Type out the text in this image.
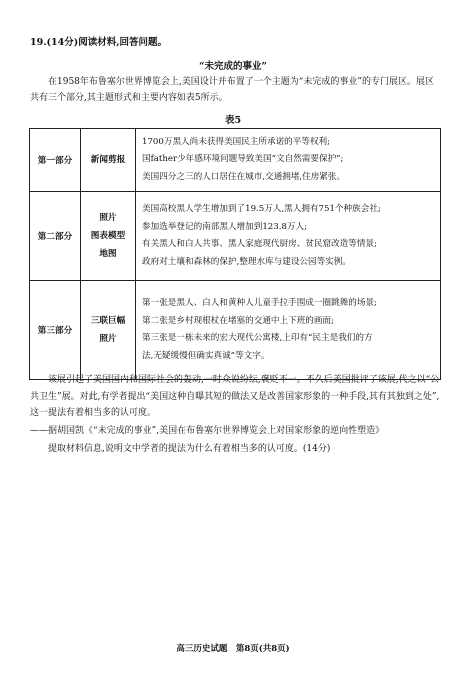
19.(14分)阅读材料,回答问题。
“未完成的事业”

在1958年布鲁塞尔世界博览会上,美国设计并布置了一个主题为“未完成的事业”的专门展区。展区共有三个部分,其主题形式和主要内容如表5所示。

表5
第一部分	新闻剪报	1700万黑人尚未获得美国民主所承诺的平等权利;
国father少年感环境问题导致美国“文自然需要保护”;
美国四分之三的人口居住在城市,交通拥堵,住房紧张。

第二部分	照片
图表模型
地图	美国高校黑人学生增加到了19.5万人,黑人拥有751个种族会社;
参加选举登记的南部黑人增加到123.8万人;
有关黑人和白人共事、黑人家庭现代厨房、贫民窟改造等情景;
政府对土壤和森林的保护,整理水库与建设公园等实例。

第三部分	三联巨幅
照片	第一张是黑人、白人和黄种人儿童手拉手围成一圈跳舞的场景;
第二张是乡村现根杖在堵塞的交通中上下班的画面;
第三张是一栋未来的宏大现代公寓楼,上印有“民主是我们的方
法,无疑缓慢但确实真诚”等文字。

该展引起了美国国内和国际社会的轰动,一时众说纷纭,褒贬不一。不久后美国批评了该展,代之以“公共卫生”展。对此,有学者提出“美国这种自曝其短的做法又是改善国家形象的一种手段,其有其独到之处”,这一提法有着相当多的认可度。

——据胡国凯《“未完成的事业”,美国在布鲁塞尔世界博览会上对国家形象的逆向性塑造》

提取材料信息,说明文中学者的提法为什么有着相当多的认可度。(14分)

高三历史试题　第8页(共8页)
